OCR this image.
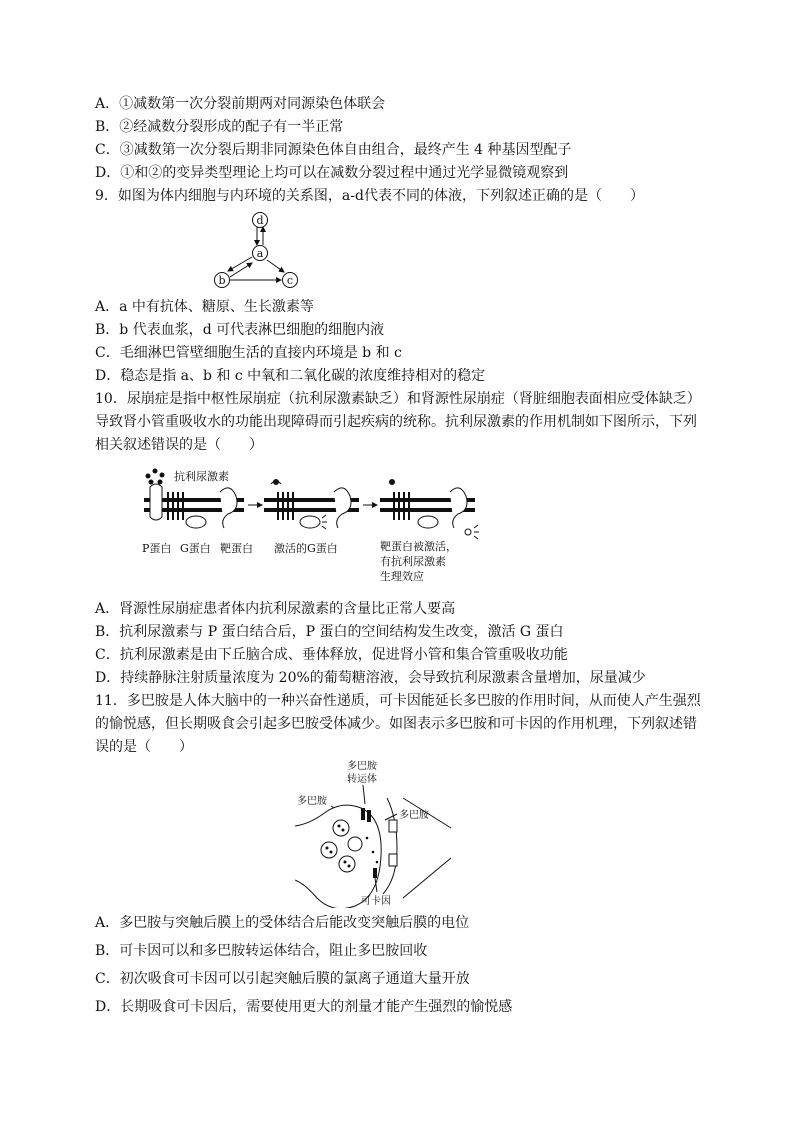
A．①减数第一次分裂前期两对同源染色体联会
B．②经减数分裂形成的配子有一半正常
C．③减数第一次分裂后期非同源染色体自由组合，最终产生 4 种基因型配子
D．①和②的变异类型理论上均可以在减数分裂过程中通过光学显微镜观察到
9．如图为体内细胞与内环境的关系图，a-d代表不同的体液，下列叙述正确的是（　　）
d
a
b	c
A．a 中有抗体、糖原、生长激素等
B．b 代表血浆，d 可代表淋巴细胞的细胞内液
C．毛细淋巴管壁细胞生活的直接内环境是 b 和 c
D．稳态是指 a、b 和 c 中氧和二氧化碳的浓度维持相对的稳定
10．尿崩症是指中枢性尿崩症（抗利尿激素缺乏）和肾源性尿崩症（肾脏细胞表面相应受体缺乏）
导致肾小管重吸收水的功能出现障碍而引起疾病的统称。抗利尿激素的作用机制如下图所示，下列
相关叙述错误的是（　　）
抗利尿激素
P蛋白 G蛋白 靶蛋白 激活的G蛋白	靶蛋白被激活，
有抗利尿激素
生理效应
A．肾源性尿崩症患者体内抗利尿激素的含量比正常人要高
B．抗利尿激素与 P 蛋白结合后，P 蛋白的空间结构发生改变，激活 G 蛋白
C．抗利尿激素是由下丘脑合成、垂体释放，促进肾小管和集合管重吸收功能
D．持续静脉注射质量浓度为 20%的葡萄糖溶液，会导致抗利尿激素含量增加，尿量减少
11．多巴胺是人体大脑中的一种兴奋性递质，可卡因能延长多巴胺的作用时间，从而使人产生强烈
的愉悦感，但长期吸食会引起多巴胺受体减少。如图表示多巴胺和可卡因的作用机理，下列叙述错
误的是（　　）
多巴胺
转运体
多巴胺
多巴胺
可卡因
A．多巴胺与突触后膜上的受体结合后能改变突触后膜的电位
B．可卡因可以和多巴胺转运体结合，阻止多巴胺回收
C．初次吸食可卡因可以引起突触后膜的氯离子通道大量开放
D．长期吸食可卡因后，需要使用更大的剂量才能产生强烈的愉悦感
